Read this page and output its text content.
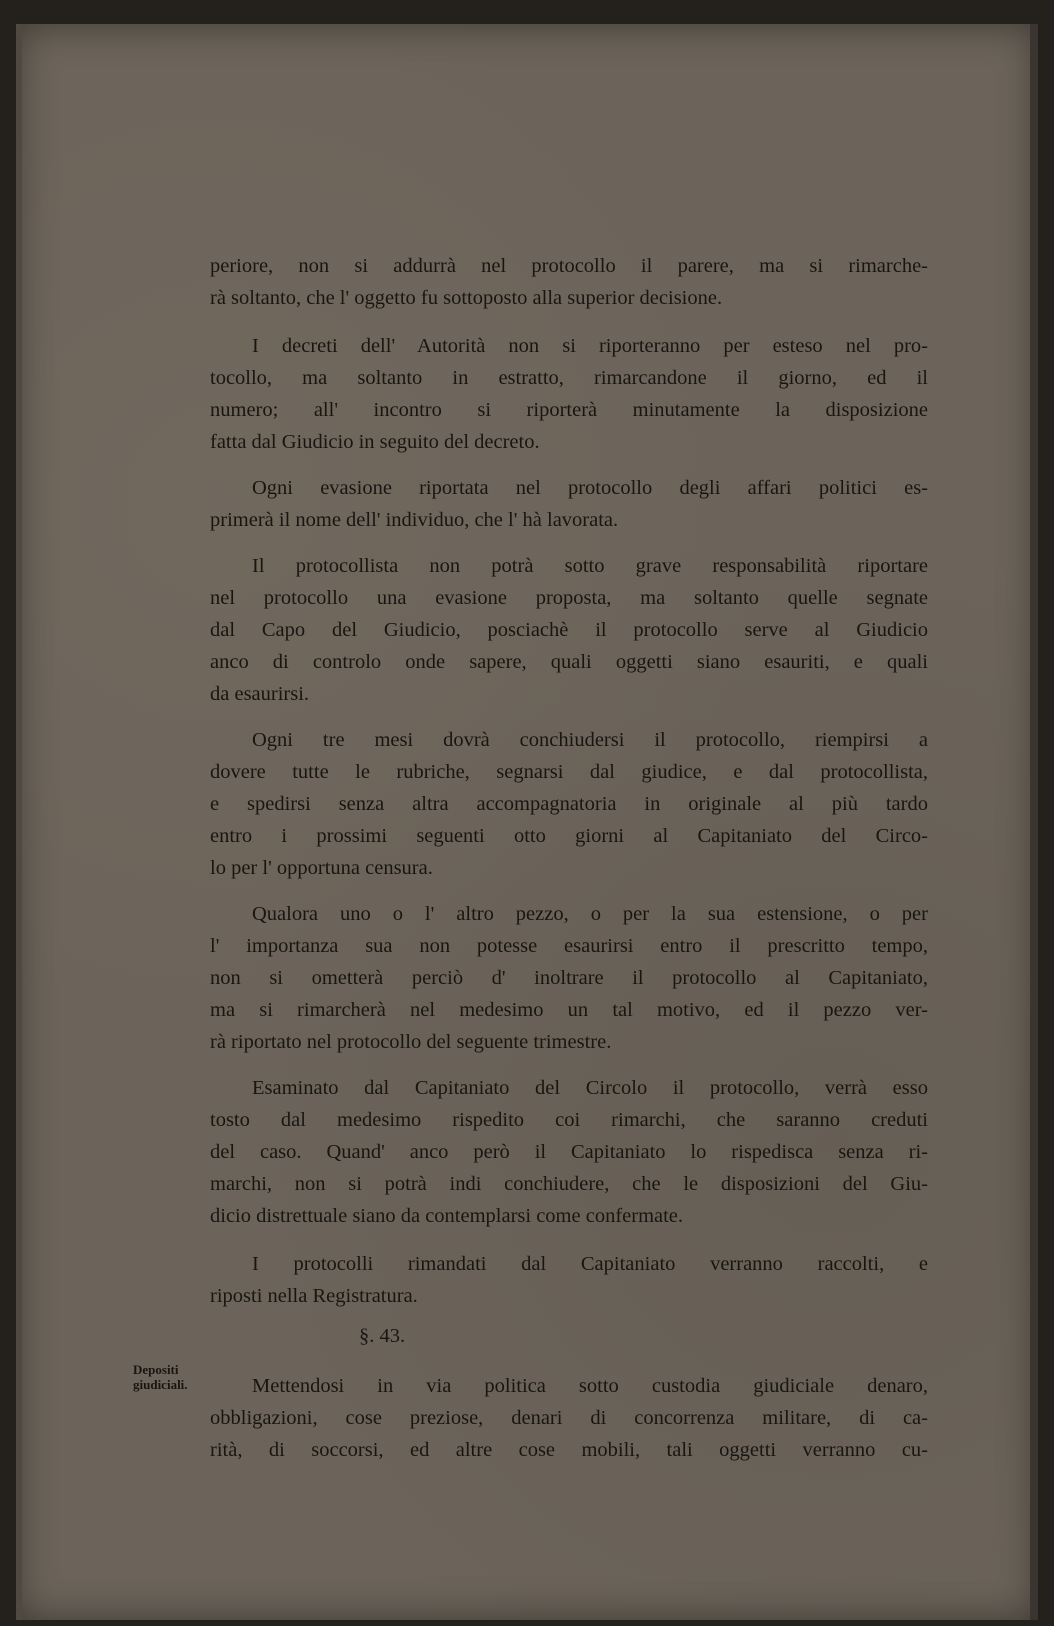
periore, non si addurrà nel protocollo il parere, ma si rimarche-
rà soltanto, che l' oggetto fu sottoposto alla superior decisione.
I decreti dell' Autorità non si riporteranno per esteso nel pro-
tocollo, ma soltanto in estratto, rimarcandone il giorno, ed il
numero; all' incontro si riporterà minutamente la disposizione
fatta dal Giudicio in seguito del decreto.
Ogni evasione riportata nel protocollo degli affari politici es-
primerà il nome dell' individuo, che l' hà lavorata.
Il protocollista non potrà sotto grave responsabilità riportare
nel protocollo una evasione proposta, ma soltanto quelle segnate
dal Capo del Giudicio, posciachè il protocollo serve al Giudicio
anco di controlo onde sapere, quali oggetti siano esauriti, e quali
da esaurirsi.
Ogni tre mesi dovrà conchiudersi il protocollo, riempirsi a
dovere tutte le rubriche, segnarsi dal giudice, e dal protocollista,
e spedirsi senza altra accompagnatoria in originale al più tardo
entro i prossimi seguenti otto giorni al Capitaniato del Circo-
lo per l' opportuna censura.
Qualora uno o l' altro pezzo, o per la sua estensione, o per
l' importanza sua non potesse esaurirsi entro il prescritto tempo,
non si ometterà perciò d' inoltrare il protocollo al Capitaniato,
ma si rimarcherà nel medesimo un tal motivo, ed il pezzo ver-
rà riportato nel protocollo del seguente trimestre.
Esaminato dal Capitaniato del Circolo il protocollo, verrà esso
tosto dal medesimo rispedito coi rimarchi, che saranno creduti
del caso. Quand' anco però il Capitaniato lo rispedisca senza ri-
marchi, non si potrà indi conchiudere, che le disposizioni del Giu-
dicio distrettuale siano da contemplarsi come confermate.
I protocolli rimandati dal Capitaniato verranno raccolti, e
riposti nella Registratura.
Mettendosi in via politica sotto custodia giudiciale denaro,
obbligazioni, cose preziose, denari di concorrenza militare, di ca-
rità, di soccorsi, ed altre cose mobili, tali oggetti verranno cu-
§. 43.
Depositi
giudiciali.
